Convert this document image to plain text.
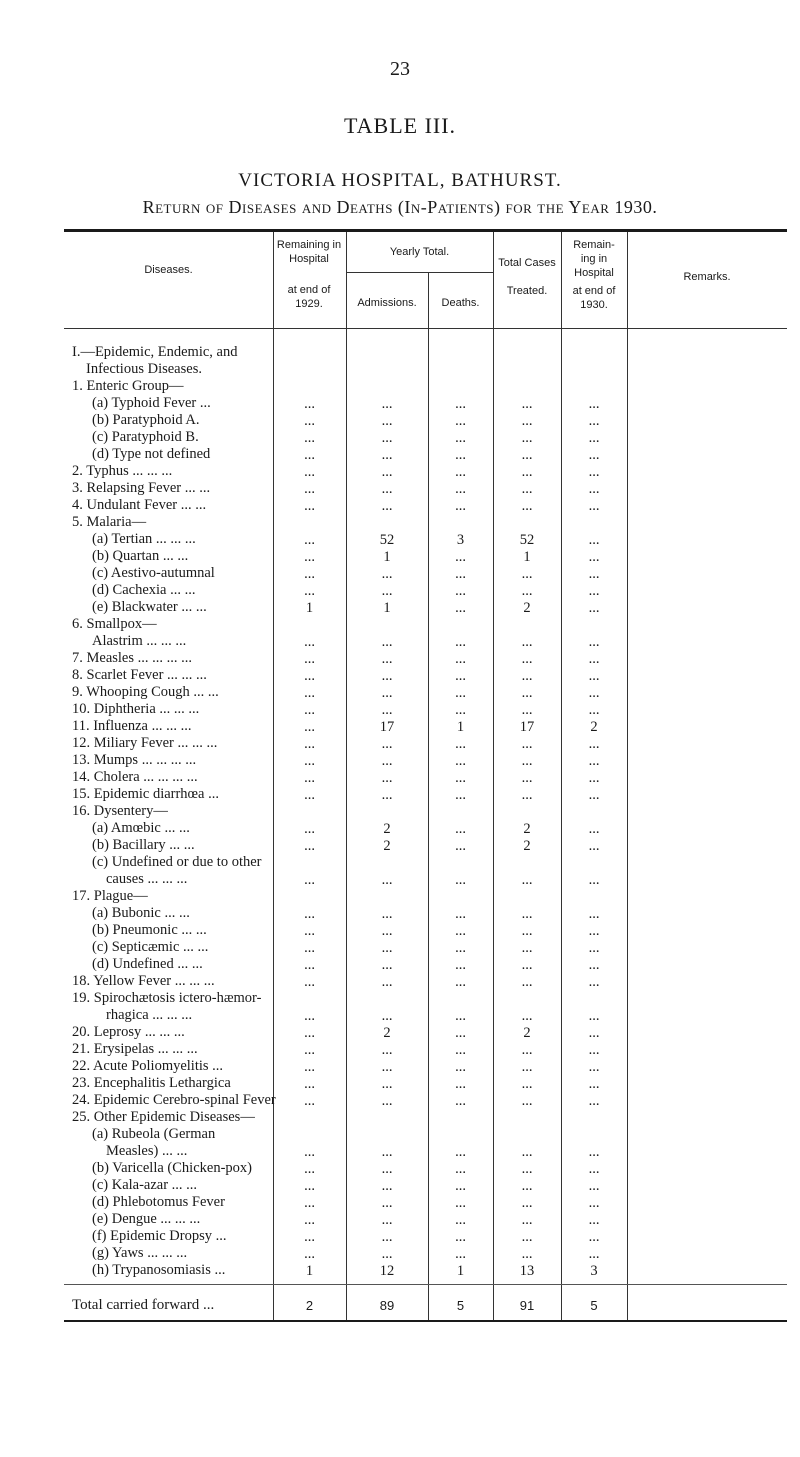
23
TABLE III.
VICTORIA HOSPITAL, BATHURST.
Return of Diseases and Deaths (In-Patients) for the Year 1930.
Diseases.
Remaining in Hospital
at end of 1929.
Yearly Total.
Admissions.	Deaths.
Total Cases
Treated.
Remain- ing in Hospital
at end of 1930.
Remarks.
I.—Epidemic, Endemic, and
Infectious Diseases.
1. Enteric Group—
(a) Typhoid Fever ...	...	...	...	...	...
(b) Paratyphoid A.	...	...	...	...	...
(c) Paratyphoid B.	...	...	...	...	...
(d) Type not defined	...	...	...	...	...
2. Typhus ... ... ...	...	...	...	...	...
3. Relapsing Fever ... ...	...	...	...	...	...
4. Undulant Fever ... ...	...	...	...	...	...
5. Malaria—
(a) Tertian ... ... ...	...	52	3	52	...
(b) Quartan ... ...	...	1	...	1	...
(c) Aestivo-autumnal	...	...	...	...	...
(d) Cachexia ... ...	...	...	...	...	...
(e) Blackwater ... ...	1	1	...	2	...
6. Smallpox—
Alastrim ... ... ...	...	...	...	...	...
7. Measles ... ... ... ...	...	...	...	...	...
8. Scarlet Fever ... ... ...	...	...	...	...	...
9. Whooping Cough ... ...	...	...	...	...	...
10. Diphtheria ... ... ...	...	...	...	...	...
11. Influenza ... ... ...	...	17	1	17	2
12. Miliary Fever ... ... ...	...	...	...	...	...
13. Mumps ... ... ... ...	...	...	...	...	...
14. Cholera ... ... ... ...	...	...	...	...	...
15. Epidemic diarrhœa ...	...	...	...	...	...
16. Dysentery—
(a) Amœbic ... ...	...	2	...	2	...
(b) Bacillary ... ...	...	2	...	2	...
(c) Undefined or due to other
causes ... ... ...	...	...	...	...	...
17. Plague—
(a) Bubonic ... ...	...	...	...	...	...
(b) Pneumonic ... ...	...	...	...	...	...
(c) Septicæmic ... ...	...	...	...	...	...
(d) Undefined ... ...	...	...	...	...	...
18. Yellow Fever ... ... ...	...	...	...	...	...
19. Spirochætosis ictero-hæmor-
rhagica ... ... ...	...	...	...	...	...
20. Leprosy ... ... ...	...	2	...	2	...
21. Erysipelas ... ... ...	...	...	...	...	...
22. Acute Poliomyelitis ...	...	...	...	...	...
23. Encephalitis Lethargica	...	...	...	...	...
24. Epidemic Cerebro-spinal Fever	...	...	...	...	...
25. Other Epidemic Diseases—
(a) Rubeola (German
Measles) ... ...	...	...	...	...	...
(b) Varicella (Chicken-pox)	...	...	...	...	...
(c) Kala-azar ... ...	...	...	...	...	...
(d) Phlebotomus Fever	...	...	...	...	...
(e) Dengue ... ... ...	...	...	...	...	...
(f) Epidemic Dropsy ...	...	...	...	...	...
(g) Yaws ... ... ...	...	...	...	...	...
(h) Trypanosomiasis ...	1	12	1	13	3
Total carried forward ...	2	89	5	91	5
